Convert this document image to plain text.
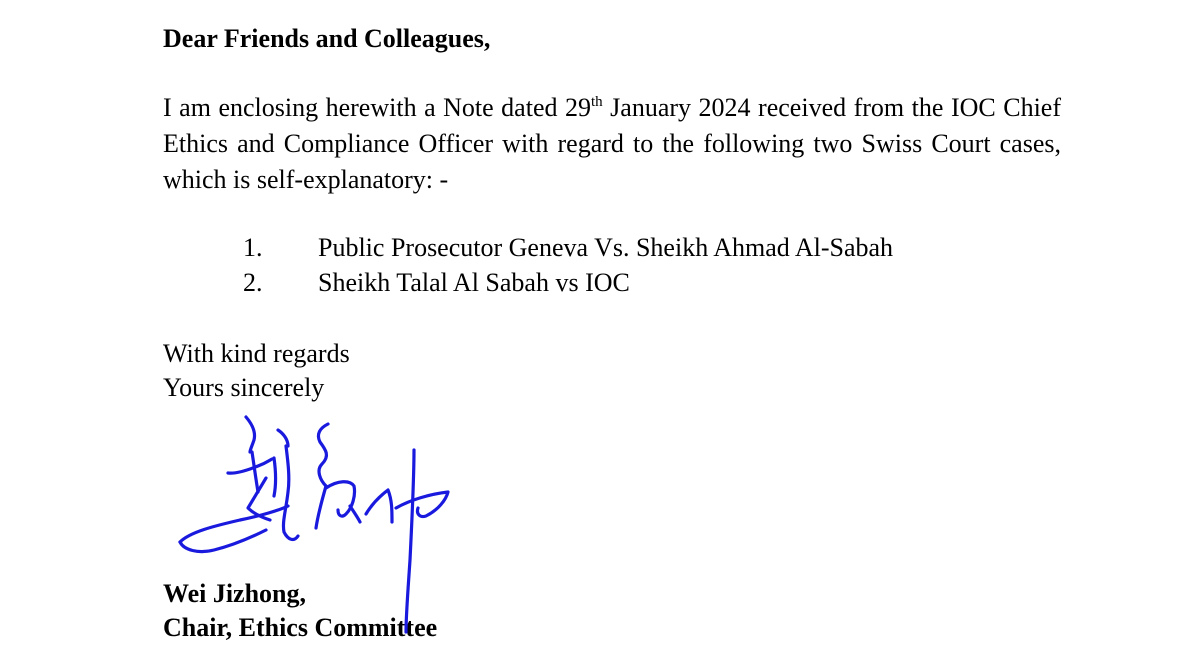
Dear Friends and Colleagues,
I am enclosing herewith a Note dated 29th January 2024 received from the IOC Chief Ethics and Compliance Officer with regard to the following two Swiss Court cases, which is self-explanatory: -
1.	Public Prosecutor Geneva Vs. Sheikh Ahmad Al-Sabah
2.	Sheikh Talal Al Sabah vs IOC
With kind regards
Yours sincerely
Wei Jizhong,
Chair, Ethics Committee
